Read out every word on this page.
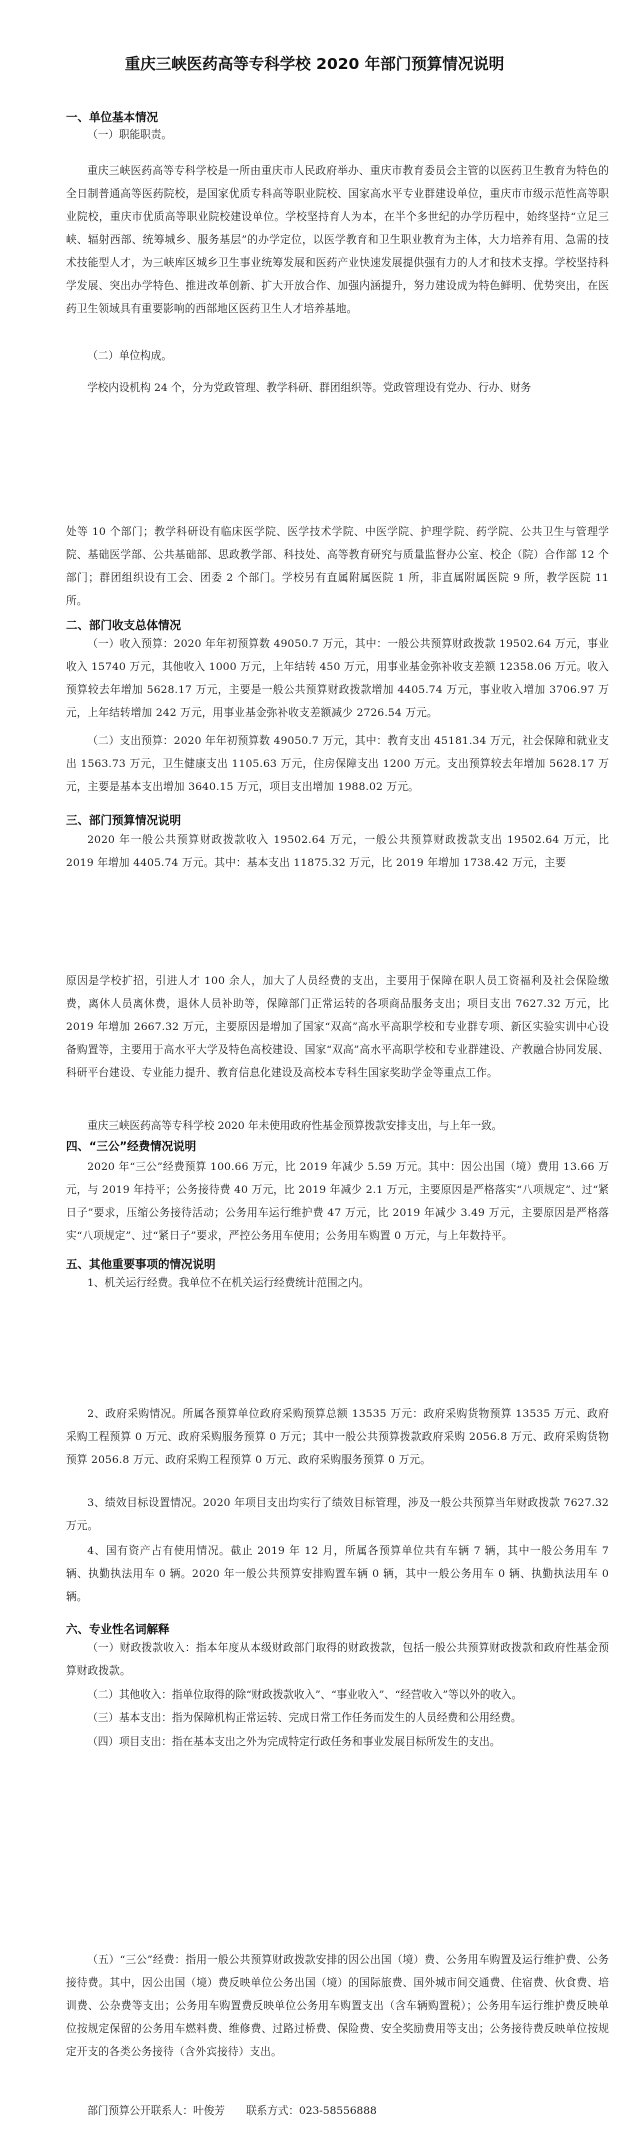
重庆三峡医药高等专科学校 2020 年部门预算情况说明
一、单位基本情况
（一）职能职责。
重庆三峡医药高等专科学校是一所由重庆市人民政府举办、重庆市教育委员会主管的以医药卫生教育为特色的全日制普通高等医药院校，是国家优质专科高等职业院校、国家高水平专业群建设单位，重庆市市级示范性高等职业院校，重庆市优质高等职业院校建设单位。学校坚持育人为本，在半个多世纪的办学历程中，始终坚持“立足三峡、辐射西部、统筹城乡、服务基层”的办学定位，以医学教育和卫生职业教育为主体，大力培养有用、急需的技术技能型人才，为三峡库区城乡卫生事业统筹发展和医药产业快速发展提供强有力的人才和技术支撑。学校坚持科学发展、突出办学特色、推进改革创新、扩大开放合作、加强内涵提升，努力建设成为特色鲜明、优势突出，在医药卫生领域具有重要影响的西部地区医药卫生人才培养基地。
（二）单位构成。
学校内设机构 24 个，分为党政管理、教学科研、群团组织等。党政管理设有党办、行办、财务
处等 10 个部门；教学科研设有临床医学院、医学技术学院、中医学院、护理学院、药学院、公共卫生与管理学院、基础医学部、公共基础部、思政教学部、科技处、高等教育研究与质量监督办公室、校企（院）合作部 12 个部门；群团组织设有工会、团委 2 个部门。学校另有直属附属医院 1 所，非直属附属医院 9 所，教学医院 11 所。
二、部门收支总体情况
（一）收入预算：2020 年年初预算数 49050.7 万元，其中：一般公共预算财政拨款 19502.64 万元，事业收入 15740 万元，其他收入 1000 万元，上年结转 450 万元，用事业基金弥补收支差额 12358.06 万元。收入预算较去年增加 5628.17 万元，主要是一般公共预算财政拨款增加 4405.74 万元，事业收入增加 3706.97 万元，上年结转增加 242 万元，用事业基金弥补收支差额减少 2726.54 万元。
（二）支出预算：2020 年年初预算数 49050.7 万元，其中：教育支出 45181.34 万元，社会保障和就业支出 1563.73 万元，卫生健康支出 1105.63 万元，住房保障支出 1200 万元。支出预算较去年增加 5628.17 万元，主要是基本支出增加 3640.15 万元，项目支出增加 1988.02 万元。
三、部门预算情况说明
2020 年一般公共预算财政拨款收入 19502.64 万元，一般公共预算财政拨款支出 19502.64 万元，比 2019 年增加 4405.74 万元。其中：基本支出 11875.32 万元，比 2019 年增加 1738.42 万元，主要
原因是学校扩招，引进人才 100 余人，加大了人员经费的支出，主要用于保障在职人员工资福利及社会保险缴费，离休人员离休费，退休人员补助等，保障部门正常运转的各项商品服务支出；项目支出 7627.32 万元，比 2019 年增加 2667.32 万元，主要原因是增加了国家“双高”高水平高职学校和专业群专项、新区实验实训中心设备购置等，主要用于高水平大学及特色高校建设、国家“双高”高水平高职学校和专业群建设、产教融合协同发展、科研平台建设、专业能力提升、教育信息化建设及高校本专科生国家奖助学金等重点工作。
重庆三峡医药高等专科学校 2020 年未使用政府性基金预算拨款安排支出，与上年一致。
四、“三公”经费情况说明
2020 年“三公”经费预算 100.66 万元，比 2019 年减少 5.59 万元。其中：因公出国（境）费用 13.66 万元，与 2019 年持平；公务接待费 40 万元，比 2019 年减少 2.1 万元，主要原因是严格落实“八项规定”、过“紧日子”要求，压缩公务接待活动；公务用车运行维护费 47 万元，比 2019 年减少 3.49 万元，主要原因是严格落实“八项规定”、过“紧日子”要求，严控公务用车使用；公务用车购置 0 万元，与上年数持平。
五、其他重要事项的情况说明
1、机关运行经费。我单位不在机关运行经费统计范围之内。
2、政府采购情况。所属各预算单位政府采购预算总额 13535 万元：政府采购货物预算 13535 万元、政府采购工程预算 0 万元、政府采购服务预算 0 万元；其中一般公共预算拨款政府采购 2056.8 万元、政府采购货物预算 2056.8 万元、政府采购工程预算 0 万元、政府采购服务预算 0 万元。
3、绩效目标设置情况。2020 年项目支出均实行了绩效目标管理，涉及一般公共预算当年财政拨款 7627.32 万元。
4、国有资产占有使用情况。截止 2019 年 12 月，所属各预算单位共有车辆 7 辆，其中一般公务用车 7 辆、执勤执法用车 0 辆。2020 年一般公共预算安排购置车辆 0 辆，其中一般公务用车 0 辆、执勤执法用车 0 辆。
六、专业性名词解释
（一）财政拨款收入：指本年度从本级财政部门取得的财政拨款，包括一般公共预算财政拨款和政府性基金预算财政拨款。
（二）其他收入：指单位取得的除“财政拨款收入”、“事业收入”、“经营收入”等以外的收入。
（三）基本支出：指为保障机构正常运转、完成日常工作任务而发生的人员经费和公用经费。
（四）项目支出：指在基本支出之外为完成特定行政任务和事业发展目标所发生的支出。
（五）“三公”经费：指用一般公共预算财政拨款安排的因公出国（境）费、公务用车购置及运行维护费、公务接待费。其中，因公出国（境）费反映单位公务出国（境）的国际旅费、国外城市间交通费、住宿费、伙食费、培训费、公杂费等支出；公务用车购置费反映单位公务用车购置支出（含车辆购置税）；公务用车运行维护费反映单位按规定保留的公务用车燃料费、维修费、过路过桥费、保险费、安全奖励费用等支出；公务接待费反映单位按规定开支的各类公务接待（含外宾接待）支出。
部门预算公开联系人：叶俊芳　　联系方式：023-58556888
